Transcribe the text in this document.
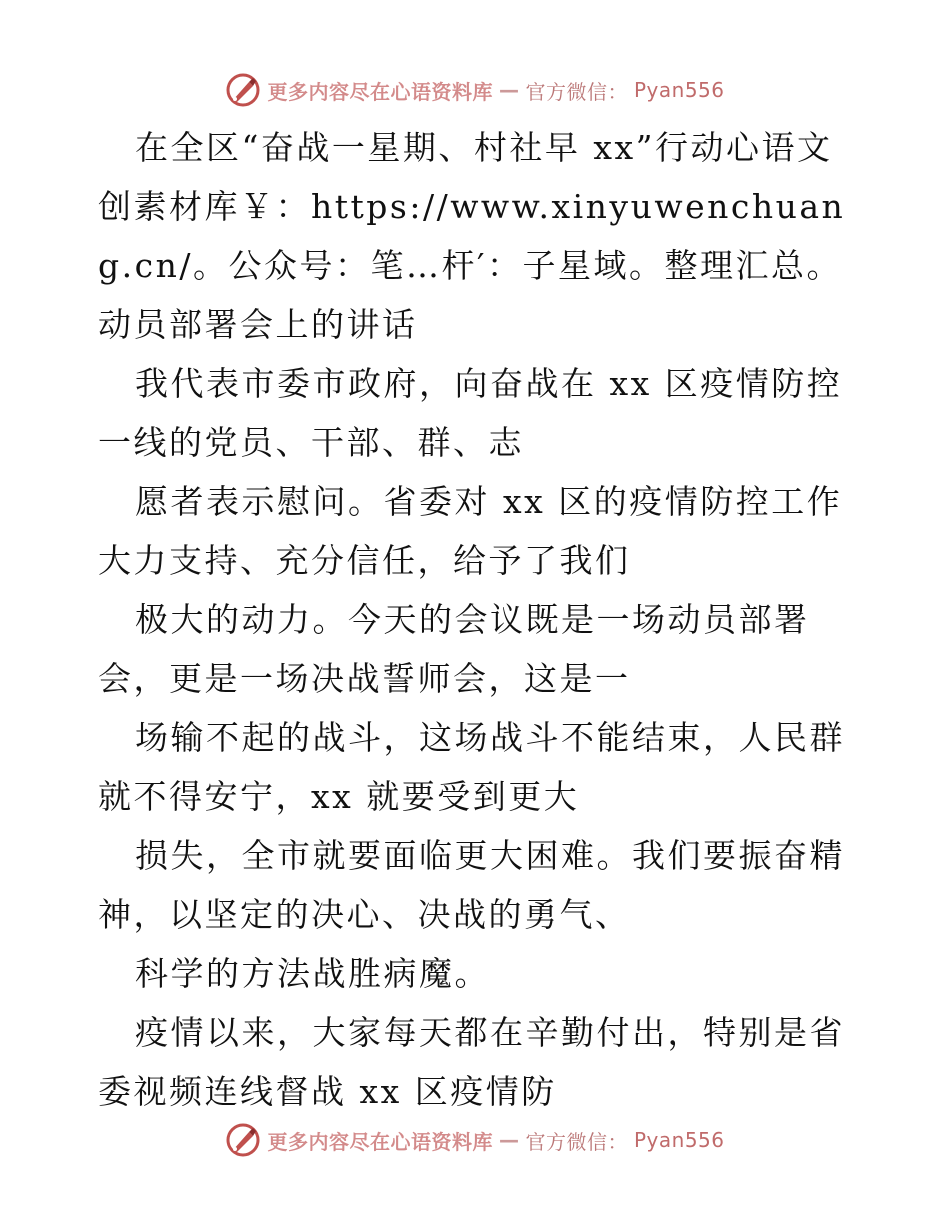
更多内容尽在心语资料库 — 官方微信： Pyan556

在全区“奋战一星期、村社早 xx”行动心语文创素材库￥：https://www.xinyuwenchuang.cn/。公众号：笔…杆′：子星域。整理汇总。动员部署会上的讲话

我代表市委市政府，向奋战在 xx 区疫情防控一线的党员、干部、群、志

愿者表示慰问。省委对 xx 区的疫情防控工作大力支持、充分信任，给予了我们

极大的动力。今天的会议既是一场动员部署会，更是一场决战誓师会，这是一

场输不起的战斗，这场战斗不能结束，人民群就不得安宁，xx 就要受到更大

损失，全市就要面临更大困难。我们要振奋精神，以坚定的决心、决战的勇气、

科学的方法战胜病魔。

疫情以来，大家每天都在辛勤付出，特别是省委视频连线督战 xx 区疫情防

更多内容尽在心语资料库 — 官方微信： Pyan556
